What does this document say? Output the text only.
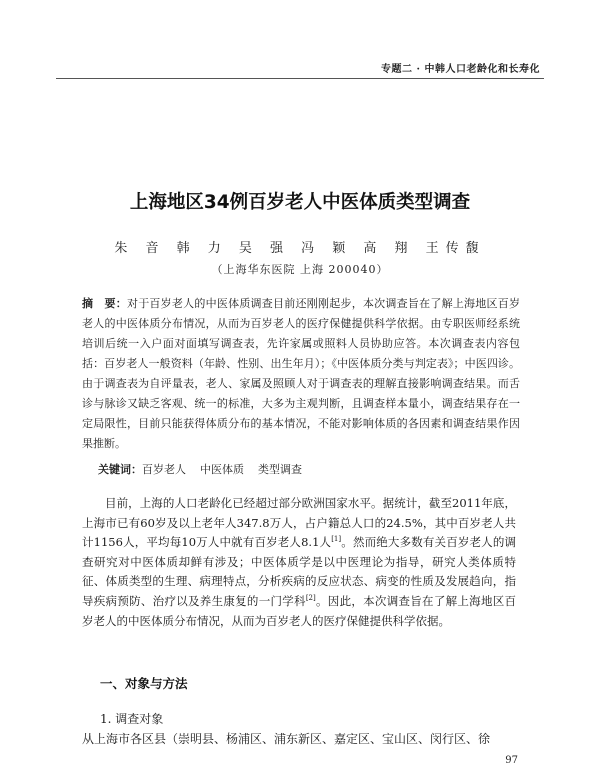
专题二 · 中韩人口老龄化和长寿化
上海地区34例百岁老人中医体质类型调查
朱 音 韩 力 吴 强 冯 颖 高 翔 王传馥
（上海华东医院 上海 200040）
摘　要：对于百岁老人的中医体质调查目前还刚刚起步，本次调查旨在了解上海地区百岁老人的中医体质分布情况，从而为百岁老人的医疗保健提供科学依据。由专职医师经系统培训后统一入户面对面填写调查表，先许家属或照料人员协助应答。本次调查表内容包括：百岁老人一般资料（年龄、性别、出生年月）；《中医体质分类与判定表》；中医四诊。由于调查表为自评量表，老人、家属及照顾人对于调查表的理解直接影响调查结果。而舌诊与脉诊又缺乏客观、统一的标准，大多为主观判断，且调查样本量小，调查结果存在一定局限性，目前只能获得体质分布的基本情况，不能对影响体质的各因素和调查结果作因果推断。
关键词：百岁老人 中医体质 类型调查
目前，上海的人口老龄化已经超过部分欧洲国家水平。据统计，截至2011年底，上海市已有60岁及以上老年人347.8万人，占户籍总人口的24.5%，其中百岁老人共计1156人，平均每10万人中就有百岁老人8.1人[1]。然而绝大多数有关百岁老人的调查研究对中医体质却鲜有涉及；中医体质学是以中医理论为指导，研究人类体质特征、体质类型的生理、病理特点，分析疾病的反应状态、病变的性质及发展趋向，指导疾病预防、治疗以及养生康复的一门学科[2]。因此，本次调查旨在了解上海地区百岁老人的中医体质分布情况，从而为百岁老人的医疗保健提供科学依据。
一、对象与方法
1. 调查对象
从上海市各区县（崇明县、杨浦区、浦东新区、嘉定区、宝山区、闵行区、徐
97
